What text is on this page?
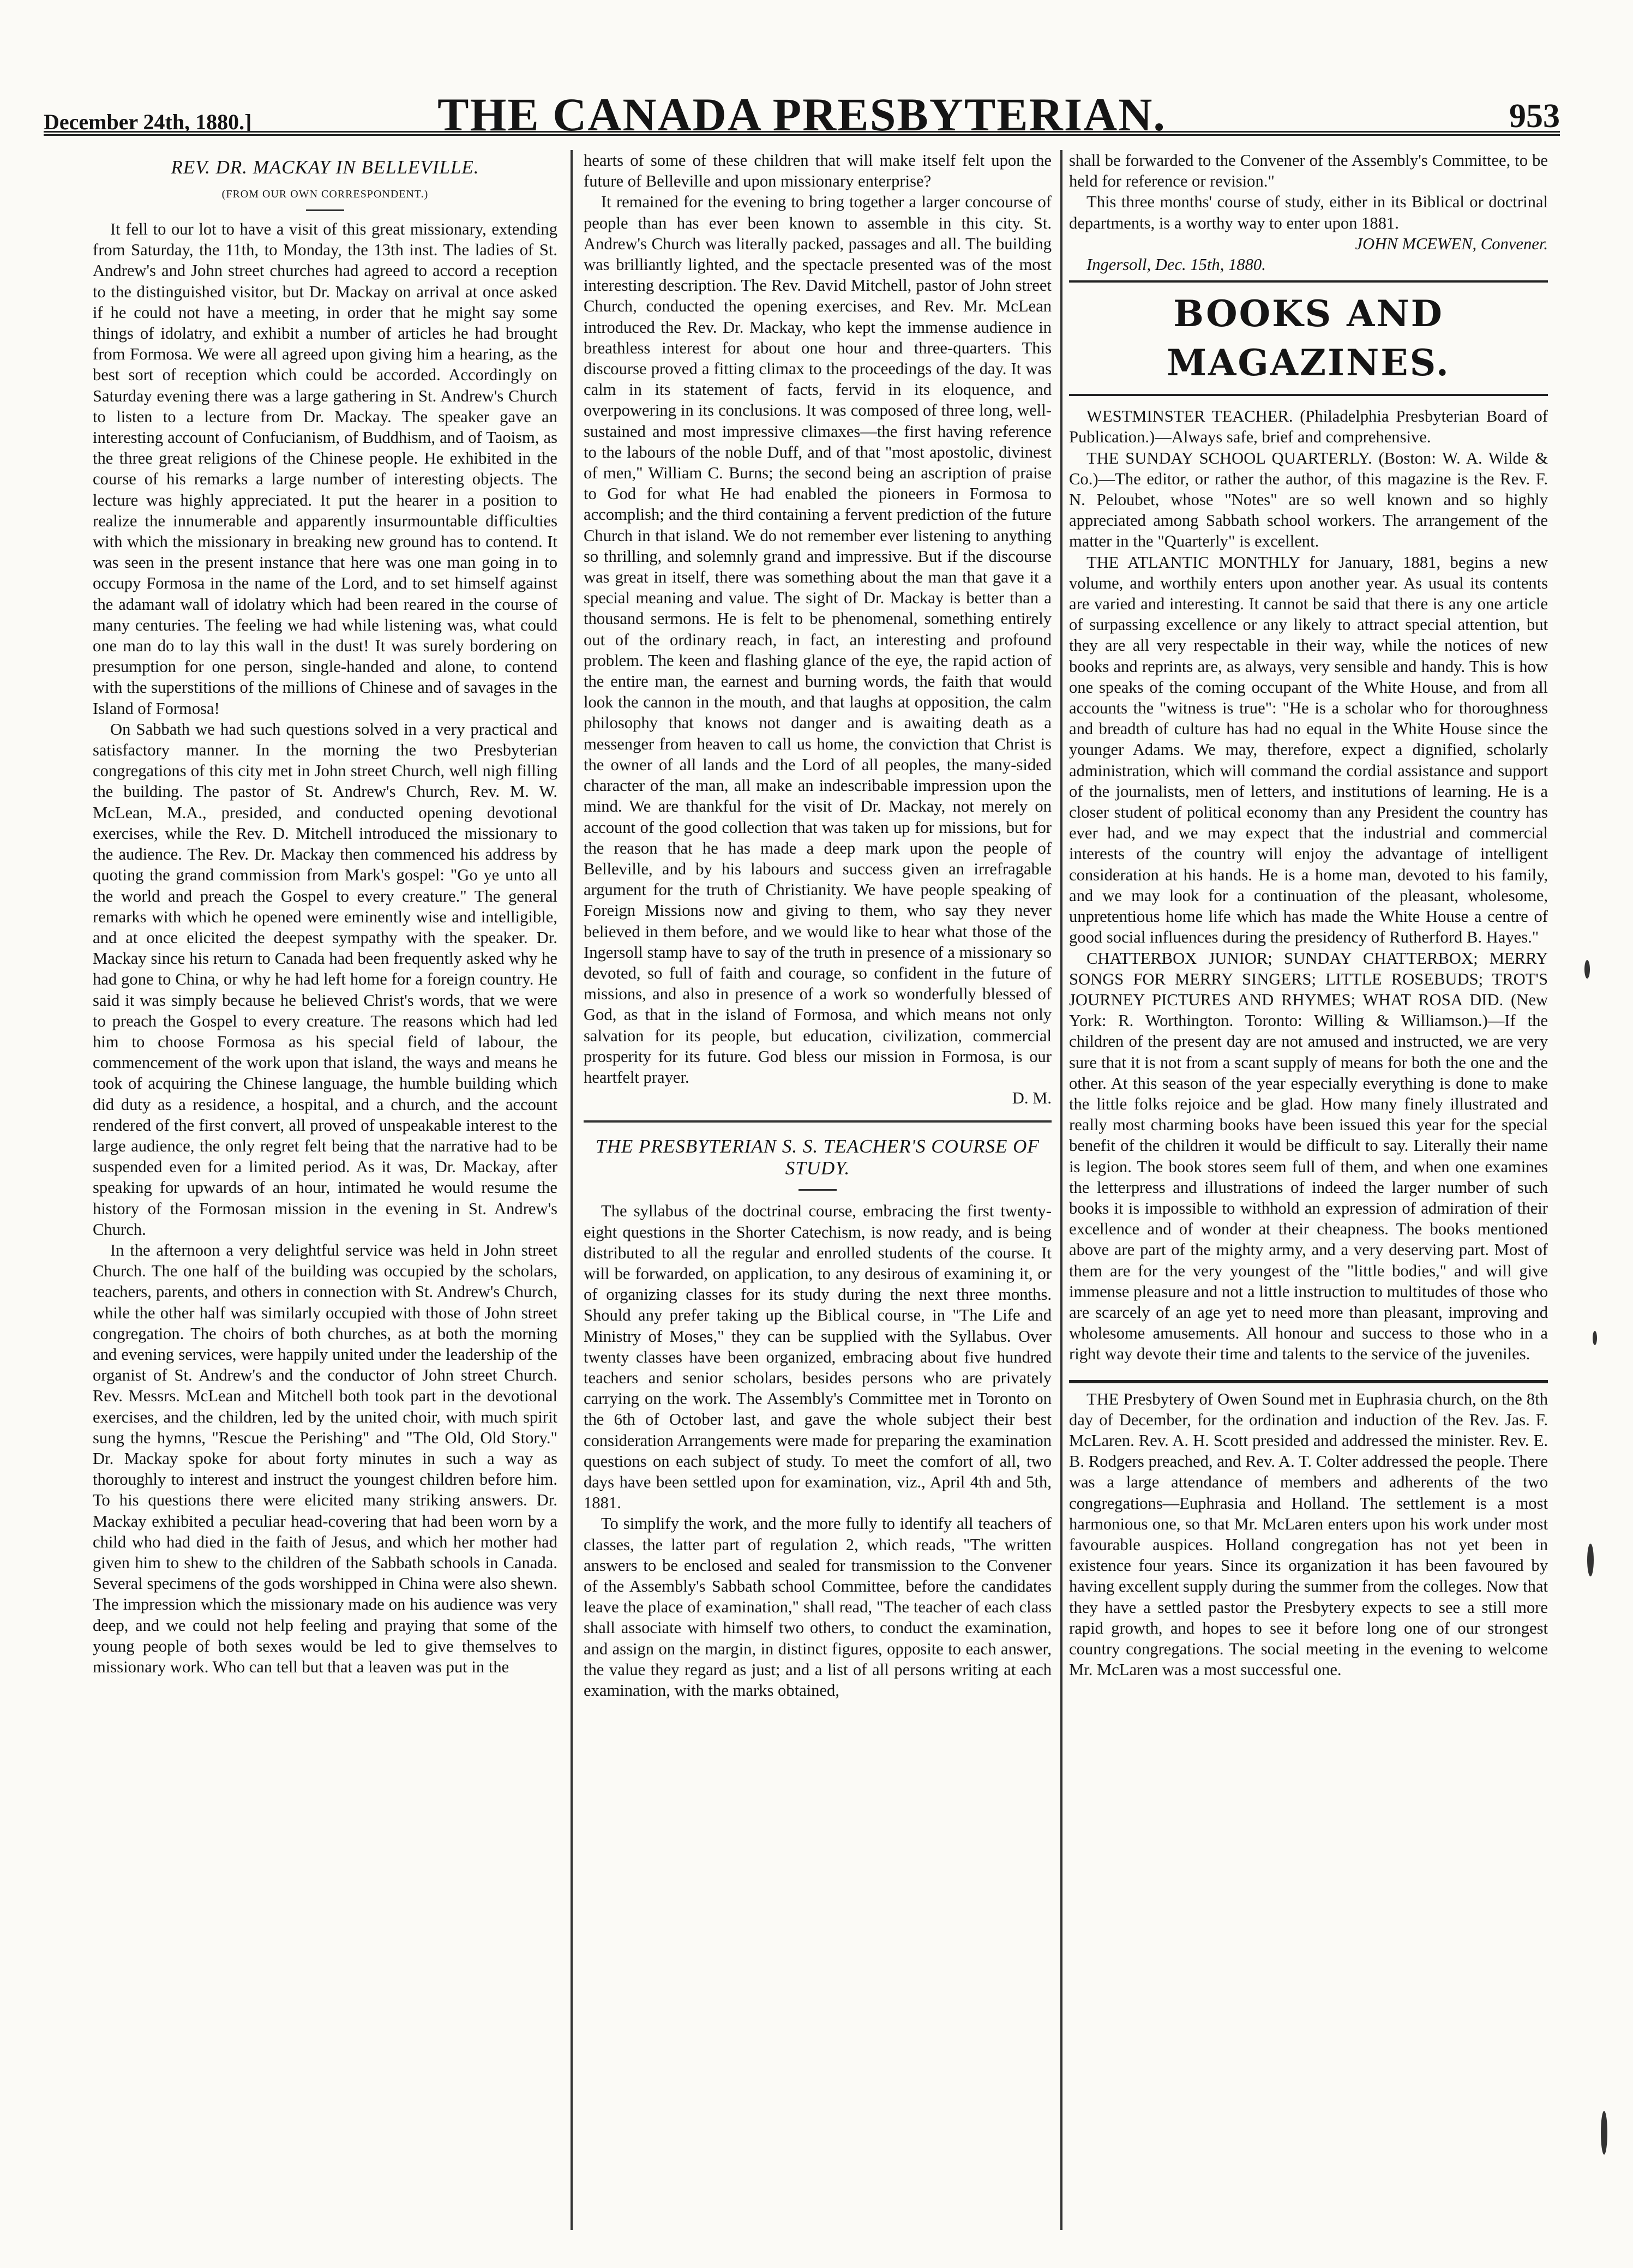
December 24th, 1880.]	THE CANADA PRESBYTERIAN.	953
REV. DR. MACKAY IN BELLEVILLE.
(FROM OUR OWN CORRESPONDENT.)

It fell to our lot to have a visit of this great missionary, extending from Saturday, the 11th, to Monday, the 13th inst. The ladies of St. Andrew's and John street churches had agreed to accord a reception to the distinguished visitor, but Dr. Mackay on arrival at once asked if he could not have a meeting, in order that he might say some things of idolatry, and exhibit a number of articles he had brought from Formosa. We were all agreed upon giving him a hearing, as the best sort of reception which could be accorded. Accordingly on Saturday evening there was a large gathering in St. Andrew's Church to listen to a lecture from Dr. Mackay. The speaker gave an interesting account of Confucianism, of Buddhism, and of Taoism, as the three great religions of the Chinese people. He exhibited in the course of his remarks a large number of interesting objects. The lecture was highly appreciated. It put the hearer in a position to realize the innumerable and apparently insurmountable difficulties with which the missionary in breaking new ground has to contend. It was seen in the present instance that here was one man going in to occupy Formosa in the name of the Lord, and to set himself against the adamant wall of idolatry which had been reared in the course of many centuries. The feeling we had while listening was, what could one man do to lay this wall in the dust! It was surely bordering on presumption for one person, single-handed and alone, to contend with the superstitions of the millions of Chinese and of savages in the Island of Formosa!

On Sabbath we had such questions solved in a very practical and satisfactory manner. In the morning the two Presbyterian congregations of this city met in John street Church, well nigh filling the building. The pastor of St. Andrew's Church, Rev. M. W. McLean, M.A., presided, and conducted opening devotional exercises, while the Rev. D. Mitchell introduced the missionary to the audience. The Rev. Dr. Mackay then commenced his address by quoting the grand commission from Mark's gospel: "Go ye unto all the world and preach the Gospel to every creature." The general remarks with which he opened were eminently wise and intelligible, and at once elicited the deepest sympathy with the speaker. Dr. Mackay since his return to Canada had been frequently asked why he had gone to China, or why he had left home for a foreign country. He said it was simply because he believed Christ's words, that we were to preach the Gospel to every creature. The reasons which had led him to choose Formosa as his special field of labour, the commencement of the work upon that island, the ways and means he took of acquiring the Chinese language, the humble building which did duty as a residence, a hospital, and a church, and the account rendered of the first convert, all proved of unspeakable interest to the large audience, the only regret felt being that the narrative had to be suspended even for a limited period. As it was, Dr. Mackay, after speaking for upwards of an hour, intimated he would resume the history of the Formosan mission in the evening in St. Andrew's Church.

In the afternoon a very delightful service was held in John street Church. The one half of the building was occupied by the scholars, teachers, parents, and others in connection with St. Andrew's Church, while the other half was similarly occupied with those of John street congregation. The choirs of both churches, as at both the morning and evening services, were happily united under the leadership of the organist of St. Andrew's and the conductor of John street Church. Rev. Messrs. McLean and Mitchell both took part in the devotional exercises, and the children, led by the united choir, with much spirit sung the hymns, "Rescue the Perishing" and "The Old, Old Story." Dr. Mackay spoke for about forty minutes in such a way as thoroughly to interest and instruct the youngest children before him. To his questions there were elicited many striking answers. Dr. Mackay exhibited a peculiar head-covering that had been worn by a child who had died in the faith of Jesus, and which her mother had given him to shew to the children of the Sabbath schools in Canada. Several specimens of the gods worshipped in China were also shewn. The impression which the missionary made on his audience was very deep, and we could not help feeling and praying that some of the young people of both sexes would be led to give themselves to missionary work. Who can tell but that a leaven was put in the

hearts of some of these children that will make itself felt upon the future of Belleville and upon missionary enterprise?

It remained for the evening to bring together a larger concourse of people than has ever been known to assemble in this city. St. Andrew's Church was literally packed, passages and all. The building was brilliantly lighted, and the spectacle presented was of the most interesting description. The Rev. David Mitchell, pastor of John street Church, conducted the opening exercises, and Rev. Mr. McLean introduced the Rev. Dr. Mackay, who kept the immense audience in breathless interest for about one hour and three-quarters. This discourse proved a fitting climax to the proceedings of the day. It was calm in its statement of facts, fervid in its eloquence, and overpowering in its conclusions. It was composed of three long, well-sustained and most impressive climaxes—the first having reference to the labours of the noble Duff, and of that "most apostolic, divinest of men," William C. Burns; the second being an ascription of praise to God for what He had enabled the pioneers in Formosa to accomplish; and the third containing a fervent prediction of the future Church in that island. We do not remember ever listening to anything so thrilling, and solemnly grand and impressive. But if the discourse was great in itself, there was something about the man that gave it a special meaning and value. The sight of Dr. Mackay is better than a thousand sermons. He is felt to be phenomenal, something entirely out of the ordinary reach, in fact, an interesting and profound problem. The keen and flashing glance of the eye, the rapid action of the entire man, the earnest and burning words, the faith that would look the cannon in the mouth, and that laughs at opposition, the calm philosophy that knows not danger and is awaiting death as a messenger from heaven to call us home, the conviction that Christ is the owner of all lands and the Lord of all peoples, the many-sided character of the man, all make an indescribable impression upon the mind. We are thankful for the visit of Dr. Mackay, not merely on account of the good collection that was taken up for missions, but for the reason that he has made a deep mark upon the people of Belleville, and by his labours and success given an irrefragable argument for the truth of Christianity. We have people speaking of Foreign Missions now and giving to them, who say they never believed in them before, and we would like to hear what those of the Ingersoll stamp have to say of the truth in presence of a missionary so devoted, so full of faith and courage, so confident in the future of missions, and also in presence of a work so wonderfully blessed of God, as that in the island of Formosa, and which means not only salvation for its people, but education, civilization, commercial prosperity for its future. God bless our mission in Formosa, is our heartfelt prayer.

D. M.

THE PRESBYTERIAN S. S. TEACHER'S COURSE OF STUDY.

The syllabus of the doctrinal course, embracing the first twenty-eight questions in the Shorter Catechism, is now ready, and is being distributed to all the regular and enrolled students of the course. It will be forwarded, on application, to any desirous of examining it, or of organizing classes for its study during the next three months. Should any prefer taking up the Biblical course, in "The Life and Ministry of Moses," they can be supplied with the Syllabus. Over twenty classes have been organized, embracing about five hundred teachers and senior scholars, besides persons who are privately carrying on the work. The Assembly's Committee met in Toronto on the 6th of October last, and gave the whole subject their best consideration Arrangements were made for preparing the examination questions on each subject of study. To meet the comfort of all, two days have been settled upon for examination, viz., April 4th and 5th, 1881.

To simplify the work, and the more fully to identify all teachers of classes, the latter part of regulation 2, which reads, "The written answers to be enclosed and sealed for transmission to the Convener of the Assembly's Sabbath school Committee, before the candidates leave the place of examination," shall read, "The teacher of each class shall associate with himself two others, to conduct the examination, and assign on the margin, in distinct figures, opposite to each answer, the value they regard as just; and a list of all persons writing at each examination, with the marks obtained,

shall be forwarded to the Convener of the Assembly's Committee, to be held for reference or revision."

This three months' course of study, either in its Biblical or doctrinal departments, is a worthy way to enter upon 1881.

JOHN MCEWEN, Convener.

Ingersoll, Dec. 15th, 1880.

BOOKS AND MAGAZINES.

WESTMINSTER TEACHER. (Philadelphia Presbyterian Board of Publication.)—Always safe, brief and comprehensive.

THE SUNDAY SCHOOL QUARTERLY. (Boston: W. A. Wilde & Co.)—The editor, or rather the author, of this magazine is the Rev. F. N. Peloubet, whose "Notes" are so well known and so highly appreciated among Sabbath school workers. The arrangement of the matter in the "Quarterly" is excellent.

THE ATLANTIC MONTHLY for January, 1881, begins a new volume, and worthily enters upon another year. As usual its contents are varied and interesting. It cannot be said that there is any one article of surpassing excellence or any likely to attract special attention, but they are all very respectable in their way, while the notices of new books and reprints are, as always, very sensible and handy. This is how one speaks of the coming occupant of the White House, and from all accounts the "witness is true": "He is a scholar who for thoroughness and breadth of culture has had no equal in the White House since the younger Adams. We may, therefore, expect a dignified, scholarly administration, which will command the cordial assistance and support of the journalists, men of letters, and institutions of learning. He is a closer student of political economy than any President the country has ever had, and we may expect that the industrial and commercial interests of the country will enjoy the advantage of intelligent consideration at his hands. He is a home man, devoted to his family, and we may look for a continuation of the pleasant, wholesome, unpretentious home life which has made the White House a centre of good social influences during the presidency of Rutherford B. Hayes."

CHATTERBOX JUNIOR; SUNDAY CHATTERBOX; MERRY SONGS FOR MERRY SINGERS; LITTLE ROSEBUDS; TROT'S JOURNEY PICTURES AND RHYMES; WHAT ROSA DID. (New York: R. Worthington. Toronto: Willing & Williamson.)—If the children of the present day are not amused and instructed, we are very sure that it is not from a scant supply of means for both the one and the other. At this season of the year especially everything is done to make the little folks rejoice and be glad. How many finely illustrated and really most charming books have been issued this year for the special benefit of the children it would be difficult to say. Literally their name is legion. The book stores seem full of them, and when one examines the letterpress and illustrations of indeed the larger number of such books it is impossible to withhold an expression of admiration of their excellence and of wonder at their cheapness. The books mentioned above are part of the mighty army, and a very deserving part. Most of them are for the very youngest of the "little bodies," and will give immense pleasure and not a little instruction to multitudes of those who are scarcely of an age yet to need more than pleasant, improving and wholesome amusements. All honour and success to those who in a right way devote their time and talents to the service of the juveniles.

THE Presbytery of Owen Sound met in Euphrasia church, on the 8th day of December, for the ordination and induction of the Rev. Jas. F. McLaren. Rev. A. H. Scott presided and addressed the minister. Rev. E. B. Rodgers preached, and Rev. A. T. Colter addressed the people. There was a large attendance of members and adherents of the two congregations—Euphrasia and Holland. The settlement is a most harmonious one, so that Mr. McLaren enters upon his work under most favourable auspices. Holland congregation has not yet been in existence four years. Since its organization it has been favoured by having excellent supply during the summer from the colleges. Now that they have a settled pastor the Presbytery expects to see a still more rapid growth, and hopes to see it before long one of our strongest country congregations. The social meeting in the evening to welcome Mr. McLaren was a most successful one.
